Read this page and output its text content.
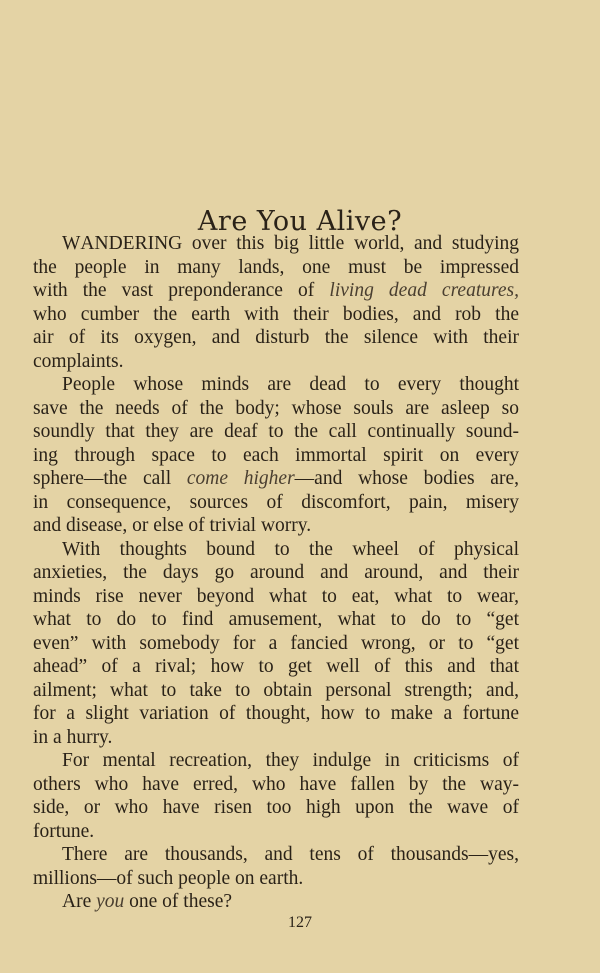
Are You Alive?
WANDERING over this big little world, and studying
the people in many lands, one must be impressed
with the vast preponderance of living dead creatures,
who cumber the earth with their bodies, and rob the
air of its oxygen, and disturb the silence with their
complaints.
People whose minds are dead to every thought
save the needs of the body; whose souls are asleep so
soundly that they are deaf to the call continually sound-
ing through space to each immortal spirit on every
sphere—the call come higher—and whose bodies are,
in consequence, sources of discomfort, pain, misery
and disease, or else of trivial worry.
With thoughts bound to the wheel of physical
anxieties, the days go around and around, and their
minds rise never beyond what to eat, what to wear,
what to do to find amusement, what to do to “get
even” with somebody for a fancied wrong, or to “get
ahead” of a rival; how to get well of this and that
ailment; what to take to obtain personal strength; and,
for a slight variation of thought, how to make a fortune
in a hurry.
For mental recreation, they indulge in criticisms of
others who have erred, who have fallen by the way-
side, or who have risen too high upon the wave of
fortune.
There are thousands, and tens of thousands—yes,
millions—of such people on earth.
Are you one of these?
127
